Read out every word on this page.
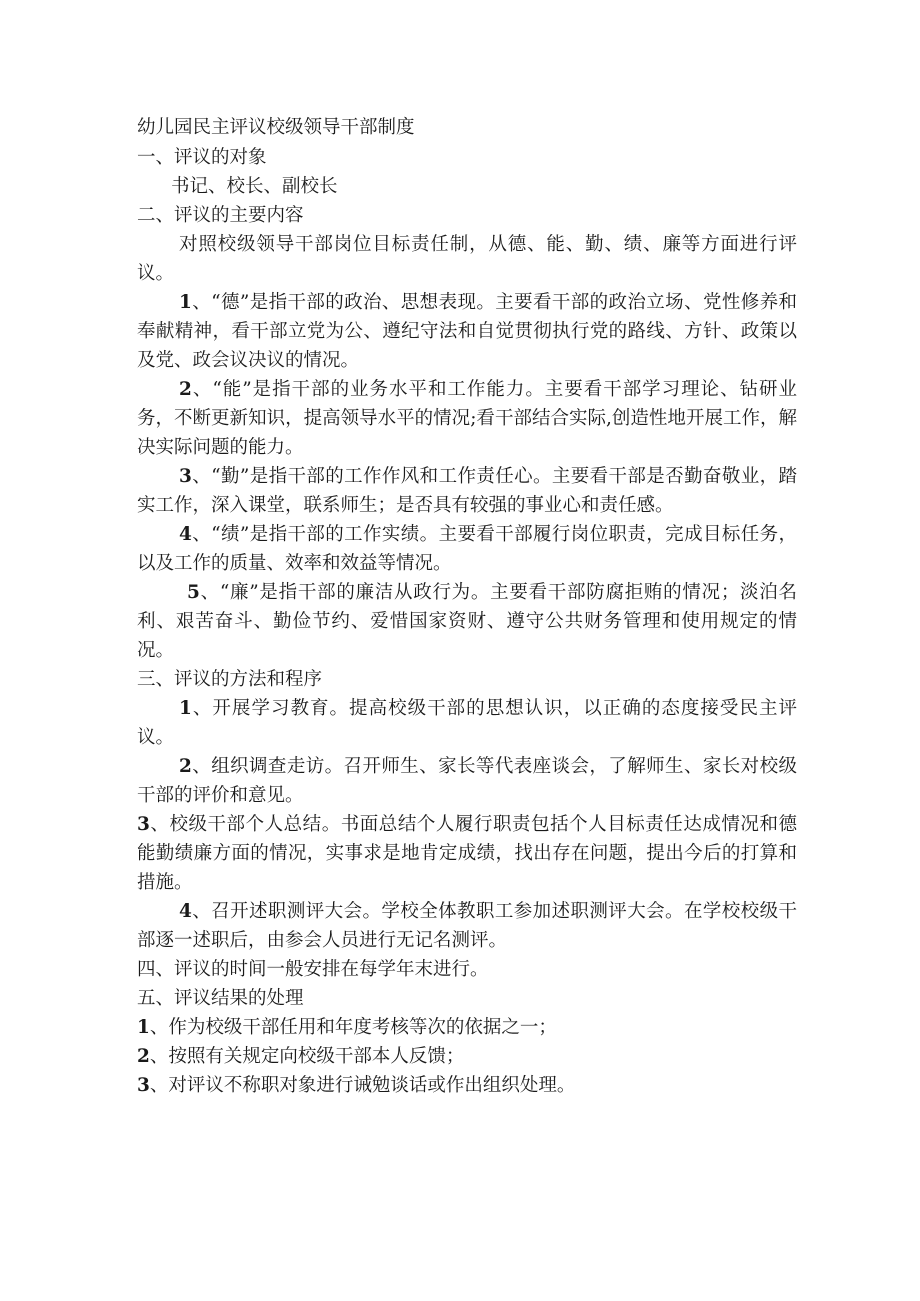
幼儿园民主评议校级领导干部制度

一、评议的对象

书记、校长、副校长

二、评议的主要内容

对照校级领导干部岗位目标责任制，从德、能、勤、绩、廉等方面进行评议。

1、“德”是指干部的政治、思想表现。主要看干部的政治立场、党性修养和奉献精神，看干部立党为公、遵纪守法和自觉贯彻执行党的路线、方针、政策以及党、政会议决议的情况。

2、“能”是指干部的业务水平和工作能力。主要看干部学习理论、钻研业务，不断更新知识，提高领导水平的情况;看干部结合实际,创造性地开展工作，解决实际问题的能力。

3、“勤”是指干部的工作作风和工作责任心。主要看干部是否勤奋敬业，踏实工作，深入课堂，联系师生；是否具有较强的事业心和责任感。

4、“绩”是指干部的工作实绩。主要看干部履行岗位职责，完成目标任务，以及工作的质量、效率和效益等情况。

5、“廉”是指干部的廉洁从政行为。主要看干部防腐拒贿的情况；淡泊名利、艰苦奋斗、勤俭节约、爱惜国家资财、遵守公共财务管理和使用规定的情况。

三、评议的方法和程序

1、开展学习教育。提高校级干部的思想认识，以正确的态度接受民主评议。

2、组织调查走访。召开师生、家长等代表座谈会，了解师生、家长对校级干部的评价和意见。

3、校级干部个人总结。书面总结个人履行职责包括个人目标责任达成情况和德能勤绩廉方面的情况，实事求是地肯定成绩，找出存在问题，提出今后的打算和措施。

4、召开述职测评大会。学校全体教职工参加述职测评大会。在学校校级干部逐一述职后，由参会人员进行无记名测评。

四、评议的时间一般安排在每学年末进行。

五、评议结果的处理

1、作为校级干部任用和年度考核等次的依据之一；

2、按照有关规定向校级干部本人反馈；

3、对评议不称职对象进行诫勉谈话或作出组织处理。
